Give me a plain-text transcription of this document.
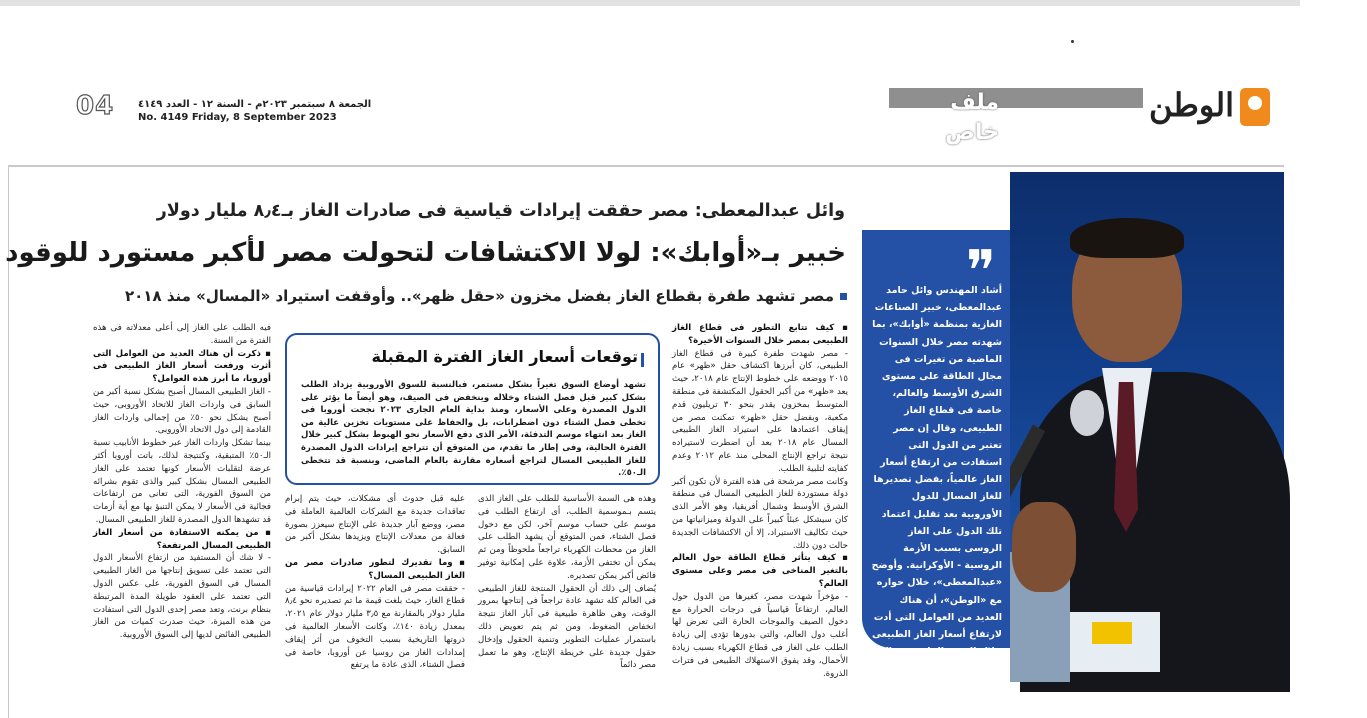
الوطن
ملف خاص
الجمعة ٨ سبتمبر ٢٠٢٣م - السنة ١٢ - العدد ٤١٤٩
No. 4149 Friday, 8 September 2023
04
❞
أشاد المهندس وائل حامد عبدالمعطى، خبير الصناعات الغازية بمنظمة «أوابك»، بما شهدته مصر خلال السنوات الماضية من تغيرات فى مجال الطاقة على مستوى الشرق الأوسط والعالم، خاصة فى قطاع الغاز الطبيعى، وقال إن مصر تعتبر من الدول التى استفادت من ارتفاع أسعار الغاز عالمياً، بفضل تصديرها للغاز المسال للدول الأوروبية بعد تقليل اعتماد تلك الدول على الغاز الروسى بسبب الأزمة الروسية - الأوكرانية. وأوضح «عبدالمعطى»، خلال حواره مع «الوطن»، أن هناك العديد من العوامل التى أدت لارتفاع أسعار الغاز الطبيعى خلال الفترة الماضية.. وإلى نص الحوار:
وائل عبدالمعطى: مصر حققت إيرادات قياسية فى صادرات الغاز بـ٨٫٤ مليار دولار
خبير بـ«أوابك»: لولا الاكتشافات لتحولت مصر لأكبر مستورد للوقود
مصر تشهد طفرة بقطاع الغاز بفضل مخزون «حقل ظهر».. وأوقفت استيراد «المسال» منذ ٢٠١٨
توقعات أسعار الغاز الفترة المقبلة
تشهد أوضاع السوق تغيراً بشكل مستمر، فبالنسبة للسوق الأوروبية يزداد الطلب بشكل كبير قبل فصل الشتاء وخلاله وينخفض فى الصيف، وهو أيضاً ما يؤثر على الدول المصدرة وعلى الأسعار، ومنذ بداية العام الجارى ٢٠٢٣ نجحت أوروبا فى تخطى فصل الشتاء دون اضطرابات، بل والحفاظ على مستويات تخزين عالية من الغاز بعد انتهاء موسم التدفئة، الأمر الذى دفع الأسعار نحو الهبوط بشكل كبير خلال الفترة الحالية، وفى إطار ما تقدم، من المتوقع أن تتراجع إيرادات الدول المصدرة للغاز الطبيعى المسال لتراجع أسعاره مقارنة بالعام الماضى، وبنسبة قد تتخطى الـ٥٠٪.

▪ كيف تتابع التطور فى قطاع الغاز الطبيعى بمصر خلال السنوات الأخيرة؟

- مصر شهدت طفرة كبيرة فى قطاع الغاز الطبيعى، كان أبرزها اكتشاف حقل «ظهر» عام ٢٠١٥ ووضعه على خطوط الإنتاج عام ٢٠١٨، حيث يعد «ظهر» من أكبر الحقول المكتشفة فى منطقة المتوسط بمخزون يقدر بنحو ٣٠ تريليون قدم مكعبة، وبفضل حقل «ظهر» تمكنت مصر من إيقاف اعتمادها على استيراد الغاز الطبيعى المسال عام ٢٠١٨ بعد أن اضطرت لاستيراده نتيجة تراجع الإنتاج المحلى منذ عام ٢٠١٢ وعدم كفايته لتلبية الطلب.

وكانت مصر مرشحة فى هذه الفترة لأن تكون أكبر دولة مستوردة للغاز الطبيعى المسال فى منطقة الشرق الأوسط وشمال أفريقيا، وهو الأمر الذى كان سيشكل عبئاً كبيراً على الدولة وميزانياتها من حيث تكاليف الاستيراد، إلا أن الاكتشافات الجديدة حالت دون ذلك.

▪ كيف يتأثر قطاع الطاقة حول العالم بالتغير المناخى فى مصر وعلى مستوى العالم؟

- مؤخراً شهدت مصر، كغيرها من الدول حول العالم، ارتفاعاً قياسياً فى درجات الحرارة مع دخول الصيف والموجات الحارة التى تعرض لها أغلب دول العالم، والتى بدورها تؤدى إلى زيادة الطلب على الغاز فى قطاع الكهرباء بسبب زيادة الأحمال، وقد يفوق الاستهلاك الطبيعى فى فترات الذروة.

وهذه هى السمة الأساسية للطلب على الغاز الذى يتسم بـموسمية الطلب، أى ارتفاع الطلب فى موسم على حساب موسم آخر، لكن مع دخول فصل الشتاء، فمن المتوقع أن يشهد الطلب على الغاز من محطات الكهرباء تراجعاً ملحوظاً ومن ثم يمكن أن تختفى الأزمة، علاوة على إمكانية توفير فائض أكبر يمكن تصديره.

يُضاف إلى ذلك أن الحقول المنتجة للغاز الطبيعى فى العالم كله تشهد عادة تراجعاً فى إنتاجها بمرور الوقت، وهى ظاهرة طبيعية فى آبار الغاز نتيجة انخفاض الضغوط، ومن ثم يتم تعويض ذلك باستمرار عمليات التطوير وتنمية الحقول وإدخال حقول جديدة على خريطة الإنتاج، وهو ما تعمل مصر دائماً

عليه قبل حدوث أى مشكلات، حيث يتم إبرام تعاقدات جديدة مع الشركات العالمية العاملة فى مصر، ووضع آبار جديدة على الإنتاج سيعزز بصورة فعالة من معدلات الإنتاج ويزيدها بشكل أكبر من السابق.

▪ وما تقديرك لتطور صادرات مصر من الغاز الطبيعى المسال؟

- حققت مصر فى العام ٢٠٢٢ إيرادات قياسية من قطاع الغاز، حيث بلغت قيمة ما تم تصديره نحو ٨٫٤ مليار دولار بالمقارنة مع ٣٫٥ مليار دولار عام ٢٠٢١، بمعدل زيادة ١٤٠٪، وكانت الأسعار العالمية فى ذروتها التاريخية بسبب التخوف من أثر إيقاف إمدادات الغاز من روسيا عن أوروبا، خاصة فى فصل الشتاء، الذى عادة ما يرتفع

فيه الطلب على الغاز إلى أعلى معدلاته فى هذه الفترة من السنة.

▪ ذكرت أن هناك العديد من العوامل التى أثرت ورفعت أسعار الغاز الطبيعى فى أوروبا، ما أبرز هذه العوامل؟

- الغاز الطبيعى المسال أصبح بشكل نسبة أكبر من السابق فى واردات الغاز للاتحاد الأوروبى، حيث أصبح يشكل نحو ٥٠٪ من إجمالى واردات الغاز القادمة إلى دول الاتحاد الأوروبى.

بينما تشكل واردات الغاز عبر خطوط الأنابيب نسبة الـ٥٠٪ المتبقية، وكنتيجة لذلك، باتت أوروبا أكثر عرضة لتقلبات الأسعار كونها تعتمد على الغاز الطبيعى المسال بشكل كبير والذى تقوم بشرائه من السوق الفورية، التى تعانى من ارتفاعات فجائية فى الأسعار لا يمكن التنبؤ بها مع أية أزمات قد تشهدها الدول المصدرة للغاز الطبيعى المسال.

▪ من يمكنه الاستفادة من أسعار الغاز الطبيعى المسال المرتفعة؟

- لا شك أن المستفيد من ارتفاع الأسعار الدول التى تعتمد على تسويق إنتاجها من الغاز الطبيعى المسال فى السوق الفورية، على عكس الدول التى تعتمد على العقود طويلة المدة المرتبطة بنظام برنت، وتعد مصر إحدى الدول التى استفادت من هذه الميزة، حيث صدرت كميات من الغاز الطبيعى الفائض لديها إلى السوق الأوروبية.
